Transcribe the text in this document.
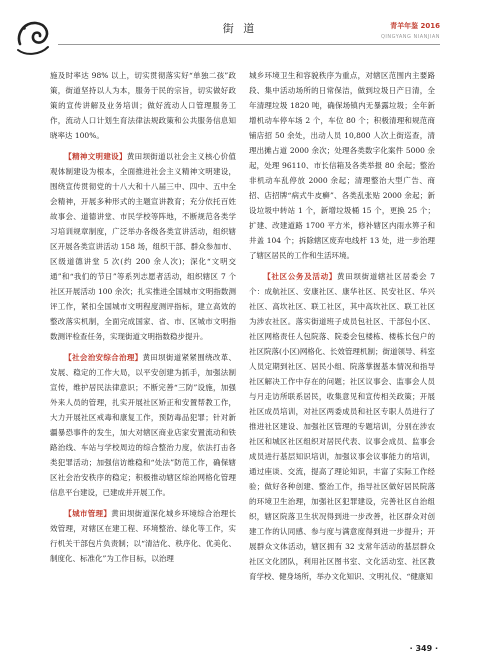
街 道	青羊年鉴 2016
QINGYANG NIANJIAN

施及时率达 98% 以上，切实贯彻落实好“单独二孩”政策，街道坚持以人为本，服务于民的宗旨，切实做好政策的宣传讲解及业务培训；做好流动人口管理服务工作，流动人口计划生育法律法规政策和公共服务信息知晓率达 100%。

【精神文明建设】黄田坝街道以社会主义核心价值观体制建设为根本，全面推进社会主义精神文明建设，围绕宣传贯彻党的十八大和十八届三中、四中、五中全会精神，开展多种形式的主题宣讲教育；充分依托百姓故事会、道德讲堂、市民学校等阵地，不断规范各类学习培训规章制度，广泛举办各级各类宣讲活动，组织辖区开展各类宣讲活动 158 场，组织干部、群众参加市、区级道德讲堂 5 次(约 200 余人次)；深化“文明交通”和“我们的节日”等系列志愿者活动，组织辖区 7 个社区开展活动 100 余次；扎实推进全国城市文明指数测评工作，紧扣全国城市文明程度测评指标，建立高效的整改落实机制，全面完成国家、省、市、区城市文明指数测评检查任务，实现街道文明指数稳步提升。

【社会治安综合治理】黄田坝街道紧紧围绕改革、发展、稳定的工作大局，以平安创建为抓手，加强法制宣传，维护居民法律意识；不断完善“三防”设施，加强外来人员的管理，扎实开展社区矫正和安置帮教工作，大力开展社区戒毒和康复工作，预防毒品犯罪；针对新疆暴恐事件的发生，加大对辖区商业店家安置流动和铁路治线、车站与学校周边的综合整治力度，依法打击各类犯罪活动；加强信访维稳和“处法”防范工作，确保辖区社会治安秩序的稳定；积极推动辖区综治网格化管理信息平台建设，已建成并开展工作。

【城市管理】黄田坝街道深化城乡环境综合治理长效管理，对辖区在建工程、环境整治、绿化等工作，实行机关干部包片负责制；以“清洁化、秩序化、优美化、制度化、标准化”为工作目标，以治理

城乡环境卫生和容貌秩序为重点，对辖区范围内主要路段、集中活动场所的日常保洁，做到垃圾日产日清，全年清理垃圾 1820 吨，确保场镇内无暴露垃圾；全年新增机动车停车场 2 个，车位 80 个；积极清理和规范商铺店招 50 余处，出动人员 10,800 人次上街巡查，清理出摊占道 2000 余次；处理各类数字化案件 5000 余起，处理 96110、市长信箱及各类举报 80 余起；整治非机动车乱停放 2000 余起；清理整治大型广告、商招、店招牌“病式牛皮癣”、各类乱张贴 2000 余起；新设垃圾中转站 1 个，新增垃圾桶 15 个，更换 25 个；扩建、改建道路 1700 平方米，修补辖区内雨水箅子和井盖 104 个；拆除辖区废弃电线杆 13 处，进一步治理了辖区居民的工作和生活环境。

【社区公务及活动】黄田坝街道辖社区居委会 7 个：成航社区、安康社区、康华社区、民安社区、华兴社区、高坎社区、联工社区，其中高坎社区、联工社区为涉农社区。落实街道班子成员包社区、干部包小区、社区网格责任人包院落、院委会包楼栋、楼栋长包户的社区院落(小区)网格化、长效管理机制；街道领导、科室人员定期到社区、居民小组、院落掌握基本情况和指导社区解决工作中存在的问题；社区议事会、监事会人员与月走访所联系居民，收集意见和宣传相关政策；开展社区成员培训，对社区两委成员和社区专职人员进行了推进社区建设、加强社区管理的专题培训，分别在涉农社区和城区社区组织对居民代表、议事会成员、监事会成员进行基层知识培训，加强议事会议事能力的培训，通过座谈、交流，提高了理论知识，丰富了实际工作经验；做好各种创建、整治工作，指导社区做好居民院落的环境卫生治理，加强社区犯罪建设，完善社区自治组织，辖区院落卫生状况得到进一步改善，社区群众对创建工作的认同感、参与度与满意度得到进一步提升；开展群众文体活动，辖区拥有 32 支常年活动的基层群众社区文化团队，利用社区图书室、文化活动室、社区教育学校、健身场所，举办文化知识、文明礼仪、“健康知

· 349 ·
